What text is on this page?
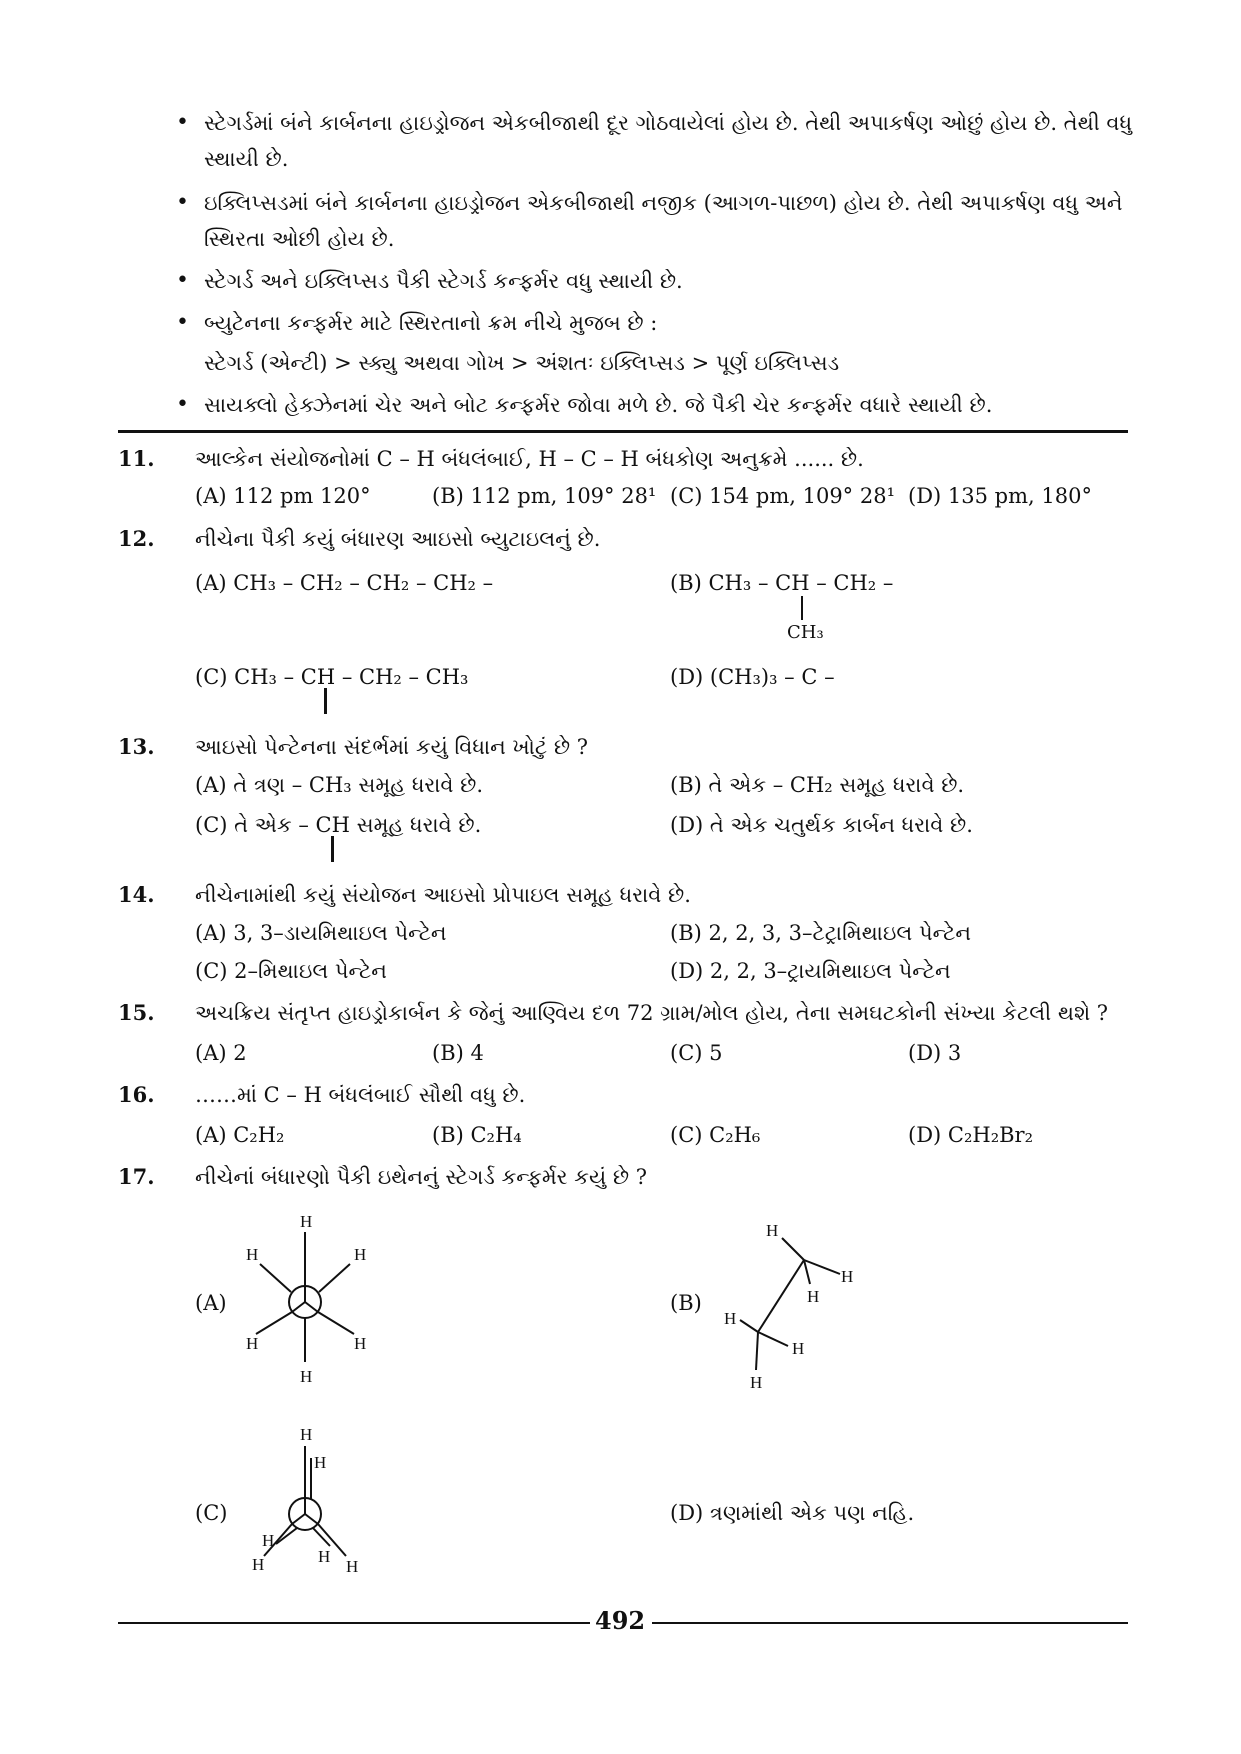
• સ્ટેગર્ડમાં બંને કાર્બનના હાઇડ્રોજન એકબીજાથી દૂર ગોઠવાયેલાં હોય છે. તેથી અપાકર્ષણ ઓછું હોય છે. તેથી વધુ
સ્થાયી છે.
• ઇક્લિપ્સડમાં બંને કાર્બનના હાઇડ્રોજન એકબીજાથી નજીક (આગળ-પાછળ) હોય છે. તેથી અપાકર્ષણ વધુ અને
સ્થિરતા ઓછી હોય છે.
• સ્ટેગર્ડ અને ઇક્લિપ્સડ પૈકી સ્ટેગર્ડ કન્ફર્મર વધુ સ્થાયી છે.
• બ્યુટેનના કન્ફર્મર માટે સ્થિરતાનો ક્રમ નીચે મુજબ છે :
સ્ટેગર્ડ (એન્ટી) > સ્ક્યુ અથવા ગોખ > અંશતઃ ઇક્લિપ્સડ > પૂર્ણ ઇક્લિપ્સડ
• સાયક્લો હેક્ઝેનમાં ચેર અને બોટ કન્ફર્મર જોવા મળે છે. જે પૈકી ચેર કન્ફર્મર વધારે સ્થાયી છે.
11. આલ્કેન સંયોજનોમાં C – H બંધલંબાઈ, H – C – H બંધકોણ અનુક્રમે ...... છે.
(A) 112 pm 120°	(B) 112 pm, 109° 28¹ (C) 154 pm, 109° 28¹ (D) 135 pm, 180°
12. નીચેના પૈકી કયું બંધારણ આઇસો બ્યુટાઇલનું છે.
(A) CH₃ – CH₂ – CH₂ – CH₂ –	(B) CH₃ – CH – CH₂ –
CH₃
(C) CH₃ – CH – CH₂ – CH₃	(D) (CH₃)₃ – C –
13. આઇસો પેન્ટેનના સંદર્ભમાં કયું વિધાન ખોટું છે ?
(A) તે ત્રણ – CH₃ સમૂહ ધરાવે છે.	(B) તે એક – CH₂ સમૂહ ધરાવે છે.
(C) તે એક – CH સમૂહ ધરાવે છે.	(D) તે એક ચતુર્થક કાર્બન ધરાવે છે.
14. નીચેનામાંથી કયું સંયોજન આઇસો પ્રોપાઇલ સમૂહ ધરાવે છે.
(A) 3, 3–ડાયમિથાઇલ પેન્ટેન	(B) 2, 2, 3, 3–ટેટ્રામિથાઇલ પેન્ટેન
(C) 2–મિથાઇલ પેન્ટેન	(D) 2, 2, 3–ટ્રાયમિથાઇલ પેન્ટેન
15. અચક્રિય સંતૃપ્ત હાઇડ્રોકાર્બન કે જેનું આણ્વિય દળ 72 ગ્રામ/મોલ હોય, તેના સમઘટકોની સંખ્યા કેટલી થશે ?
(A) 2	(B) 4	(C) 5	(D) 3
16. ……માં C – H બંધલંબાઈ સૌથી વધુ છે.
(A) C₂H₂	(B) C₂H₄	(C) C₂H₆	(D) C₂H₂Br₂
17. નીચેનાં બંધારણો પૈકી ઇથેનનું સ્ટેગર્ડ કન્ફર્મર કયું છે ?
(A)
H
H	H
H	H
H
(B)
H
H
H
H
H
H
(C)
H
H
H
H	H
H
(D) ત્રણમાંથી એક પણ નહિ.
492
